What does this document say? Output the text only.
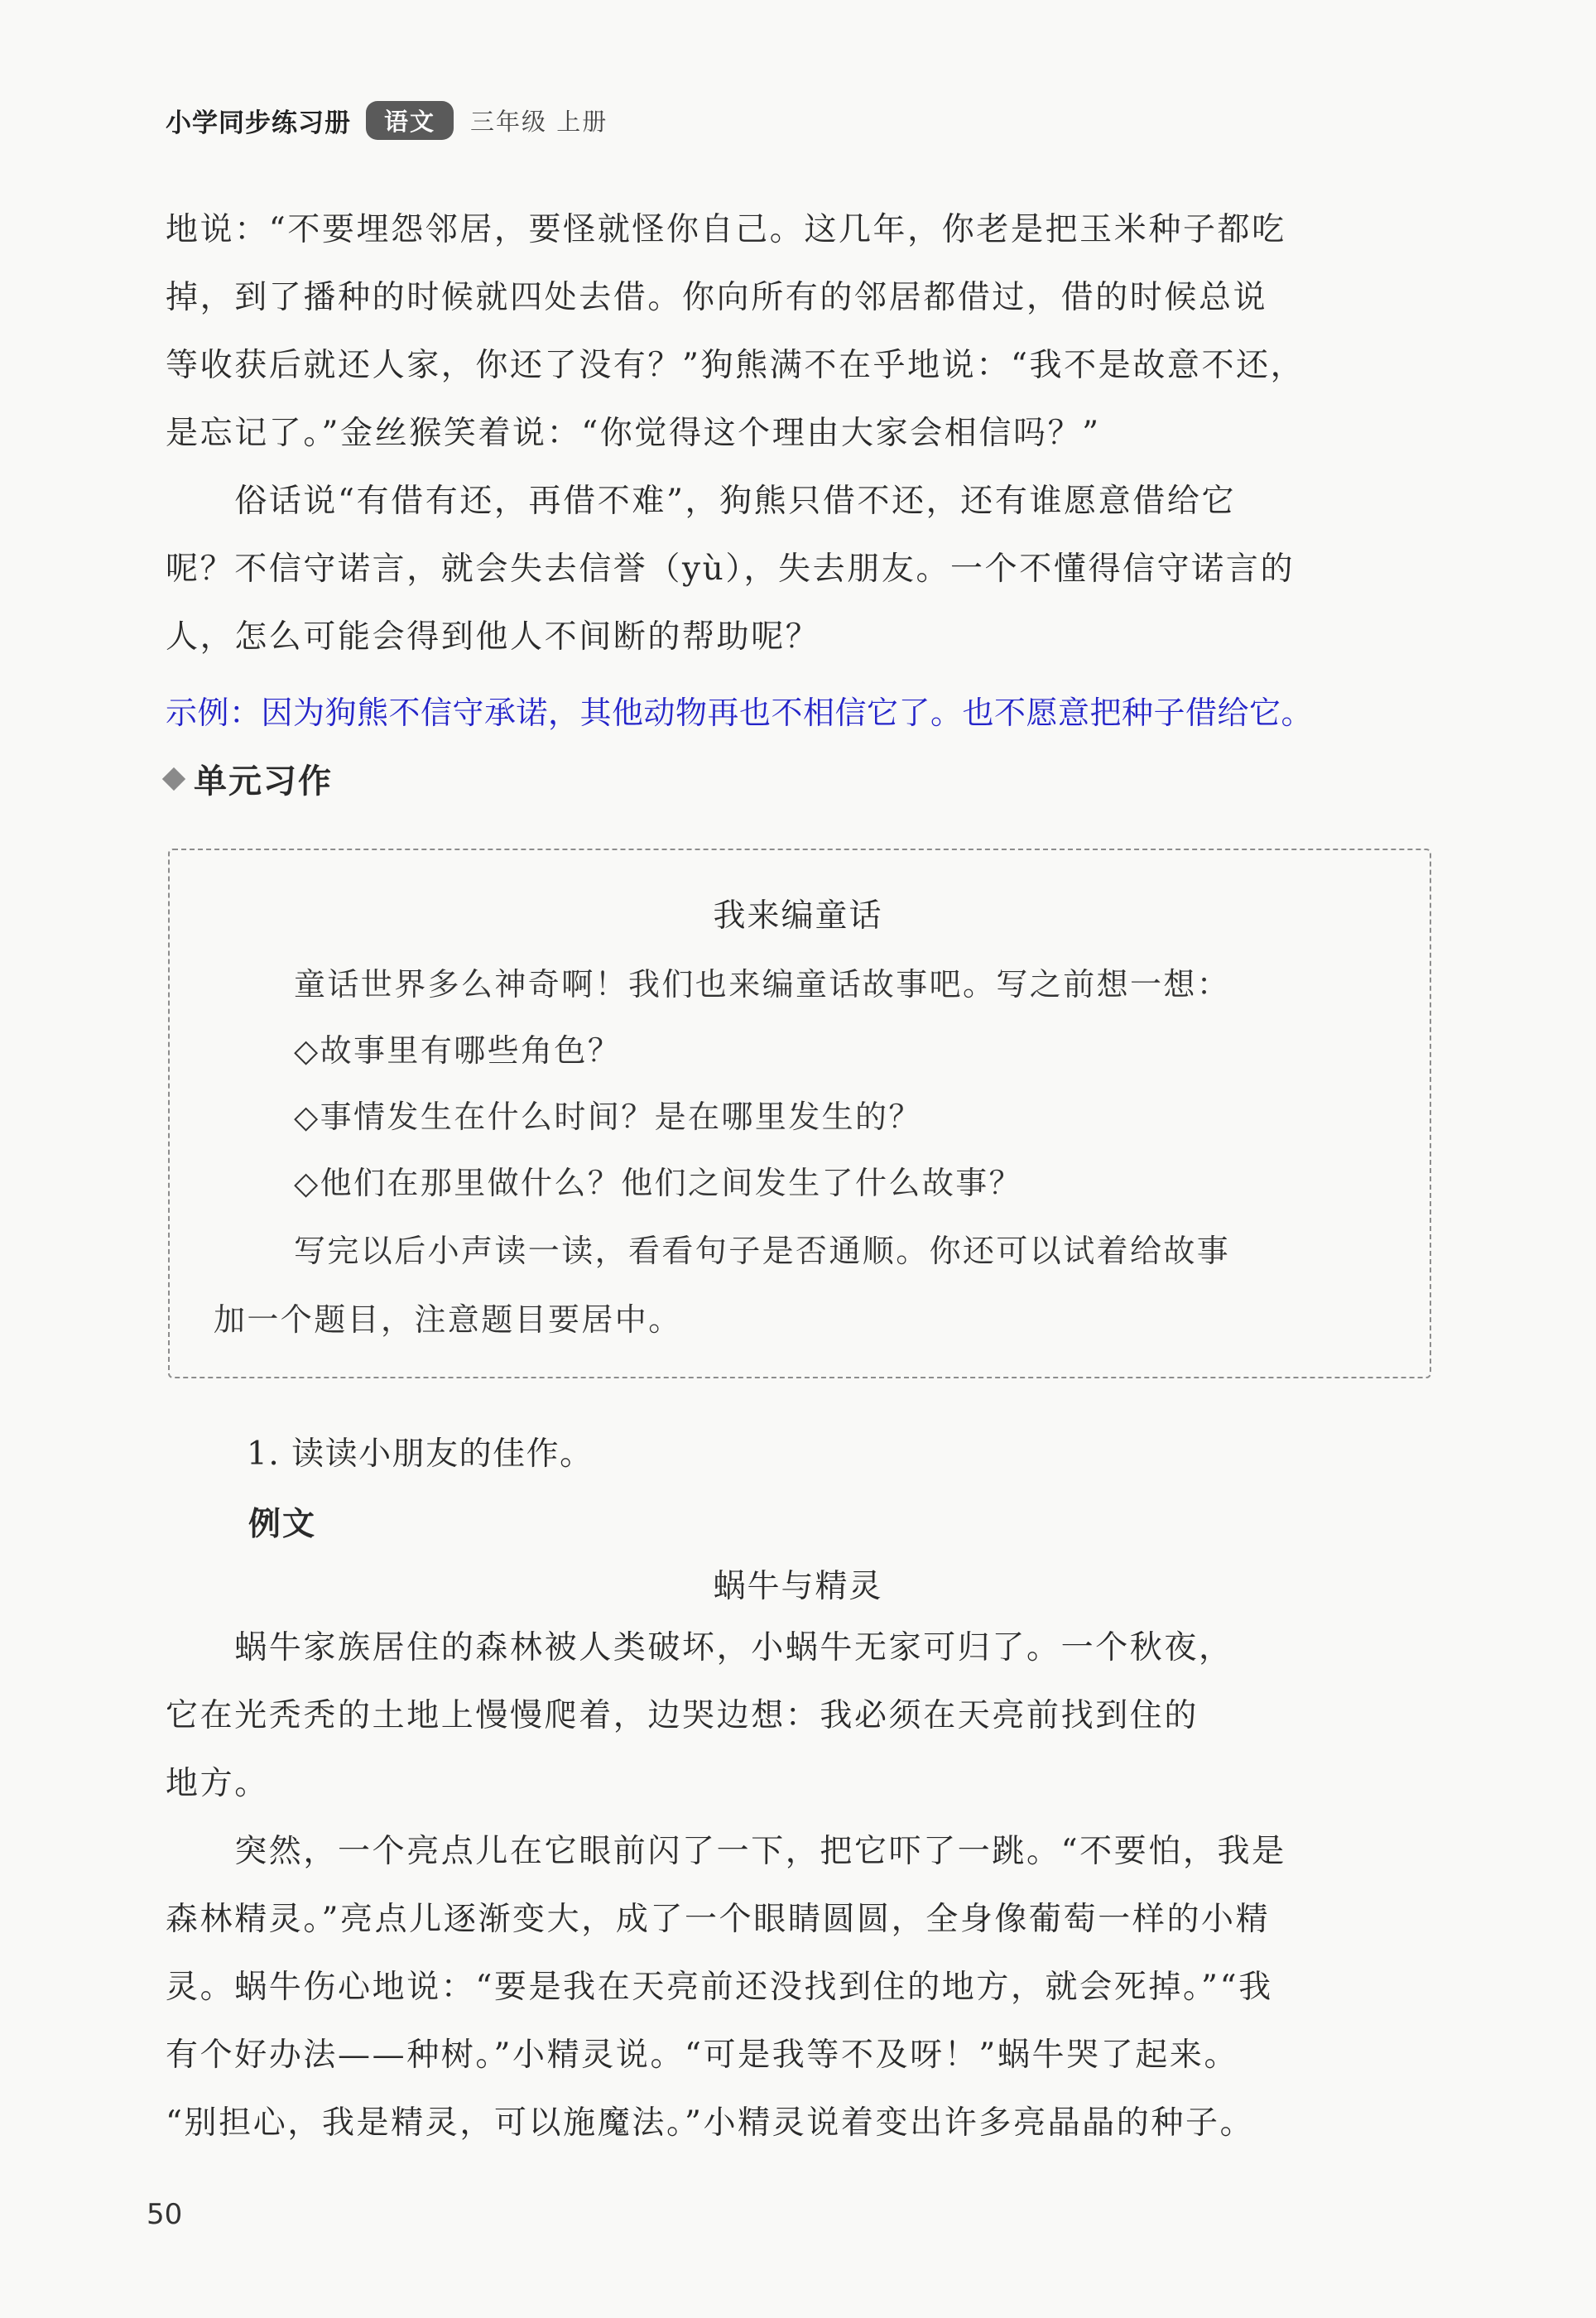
小学同步练习册	语文	三年级 上册
地说：“不要埋怨邻居，要怪就怪你自己。这几年，你老是把玉米种子都吃
掉，到了播种的时候就四处去借。你向所有的邻居都借过，借的时候总说
等收获后就还人家，你还了没有？”狗熊满不在乎地说：“我不是故意不还，
是忘记了。”金丝猴笑着说：“你觉得这个理由大家会相信吗？”
　　俗话说“有借有还，再借不难”，狗熊只借不还，还有谁愿意借给它
呢？不信守诺言，就会失去信誉（yù），失去朋友。一个不懂得信守诺言的
人，怎么可能会得到他人不间断的帮助呢？
示例：因为狗熊不信守承诺，其他动物再也不相信它了。也不愿意把种子借给它。
单元习作
我来编童话
童话世界多么神奇啊！我们也来编童话故事吧。写之前想一想：
◇故事里有哪些角色？
◇事情发生在什么时间？是在哪里发生的？
◇他们在那里做什么？他们之间发生了什么故事？
写完以后小声读一读，看看句子是否通顺。你还可以试着给故事
加一个题目，注意题目要居中。
1. 读读小朋友的佳作。
例文
蜗牛与精灵
　　蜗牛家族居住的森林被人类破坏，小蜗牛无家可归了。一个秋夜，
它在光秃秃的土地上慢慢爬着，边哭边想：我必须在天亮前找到住的
地方。
　　突然，一个亮点儿在它眼前闪了一下，把它吓了一跳。“不要怕，我是
森林精灵。”亮点儿逐渐变大，成了一个眼睛圆圆，全身像葡萄一样的小精
灵。蜗牛伤心地说：“要是我在天亮前还没找到住的地方，就会死掉。”“我
有个好办法——种树。”小精灵说。“可是我等不及呀！”蜗牛哭了起来。
“别担心，我是精灵，可以施魔法。”小精灵说着变出许多亮晶晶的种子。
50
